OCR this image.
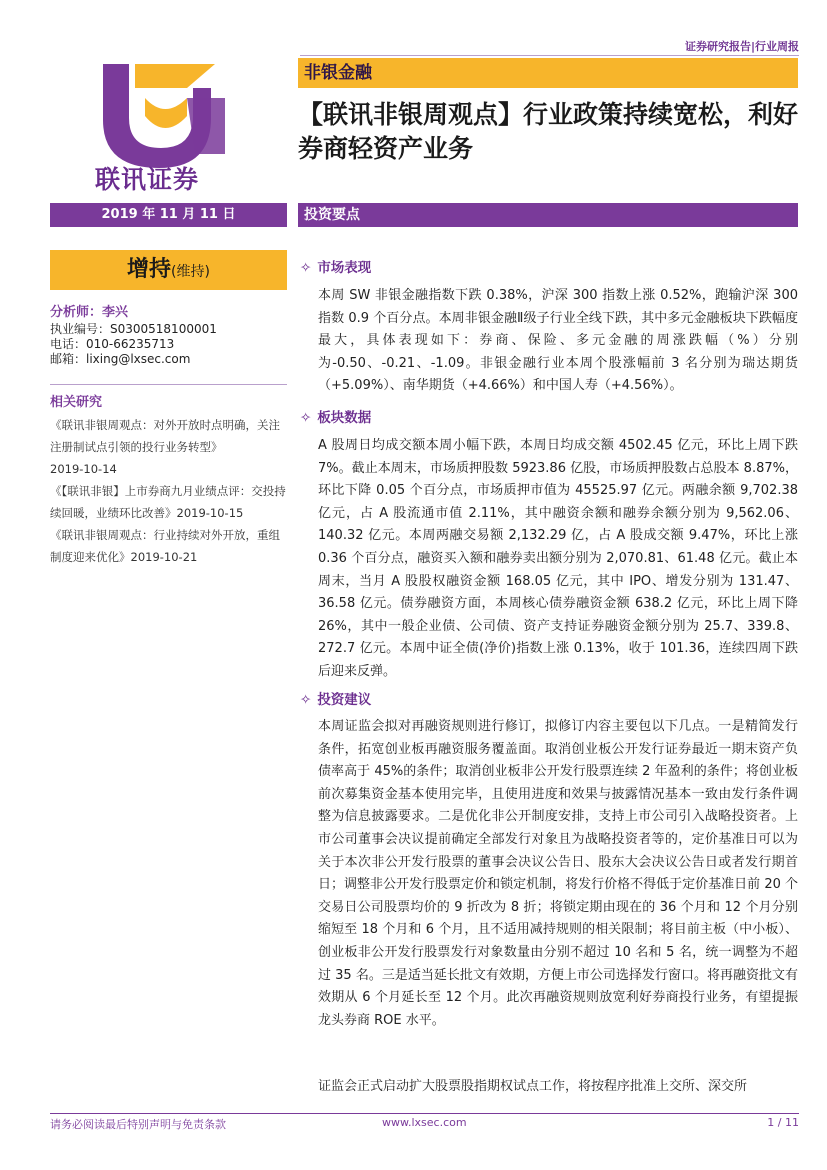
证券研究报告|行业周报
联讯证券
非银金融
【联讯非银周观点】行业政策持续宽松，利好券商轻资产业务
2019 年 11 月 11 日	投资要点
增持(维持)
分析师：李兴
执业编号：S0300518100001
电话：010-66235713
邮箱：lixing@lxsec.com
相关研究
《联讯非银周观点：对外开放时点明确，关注注册制试点引领的投行业务转型》
2019-10-14
《【联讯非银】上市券商九月业绩点评：交投持续回暖，业绩环比改善》2019-10-15
《联讯非银周观点：行业持续对外开放，重组制度迎来优化》2019-10-21
✧ 市场表现
本周 SW 非银金融指数下跌 0.38%，沪深 300 指数上涨 0.52%，跑输沪深 300 指数 0.9 个百分点。本周非银金融Ⅱ级子行业全线下跌，其中多元金融板块下跌幅度最大，具体表现如下：券商、保险、多元金融的周涨跌幅（%）分别为-0.50、-0.21、-1.09。非银金融行业本周个股涨幅前 3 名分别为瑞达期货（+5.09%）、南华期货（+4.66%）和中国人寿（+4.56%）。
✧ 板块数据
A 股周日均成交额本周小幅下跌，本周日均成交额 4502.45 亿元，环比上周下跌 7%。截止本周末，市场质押股数 5923.86 亿股，市场质押股数占总股本 8.87%，环比下降 0.05 个百分点，市场质押市值为 45525.97 亿元。两融余额 9,702.38 亿元，占 A 股流通市值 2.11%，其中融资余额和融券余额分别为 9,562.06、140.32 亿元。本周两融交易额 2,132.29 亿，占 A 股成交额 9.47%，环比上涨 0.36 个百分点，融资买入额和融券卖出额分别为 2,070.81、61.48 亿元。截止本周末，当月 A 股股权融资金额 168.05 亿元，其中 IPO、增发分别为 131.47、36.58 亿元。债券融资方面，本周核心债券融资金额 638.2 亿元，环比上周下降 26%，其中一般企业债、公司债、资产支持证券融资金额分别为 25.7、339.8、272.7 亿元。本周中证全债(净价)指数上涨 0.13%，收于 101.36，连续四周下跌后迎来反弹。
✧ 投资建议
本周证监会拟对再融资规则进行修订，拟修订内容主要包以下几点。一是精简发行条件，拓宽创业板再融资服务覆盖面。取消创业板公开发行证券最近一期末资产负债率高于 45%的条件；取消创业板非公开发行股票连续 2 年盈利的条件；将创业板前次募集资金基本使用完毕，且使用进度和效果与披露情况基本一致由发行条件调整为信息披露要求。二是优化非公开制度安排，支持上市公司引入战略投资者。上市公司董事会决议提前确定全部发行对象且为战略投资者等的，定价基准日可以为关于本次非公开发行股票的董事会决议公告日、股东大会决议公告日或者发行期首日；调整非公开发行股票定价和锁定机制，将发行价格不得低于定价基准日前 20 个交易日公司股票均价的 9 折改为 8 折；将锁定期由现在的 36 个月和 12 个月分别缩短至 18 个月和 6 个月，且不适用减持规则的相关限制；将目前主板（中小板）、创业板非公开发行股票发行对象数量由分别不超过 10 名和 5 名，统一调整为不超过 35 名。三是适当延长批文有效期，方便上市公司选择发行窗口。将再融资批文有效期从 6 个月延长至 12 个月。此次再融资规则放宽利好券商投行业务，有望提振龙头券商 ROE 水平。
证监会正式启动扩大股票股指期权试点工作，将按程序批准上交所、深交所
请务必阅读最后特别声明与免责条款	www.lxsec.com	1 / 11
